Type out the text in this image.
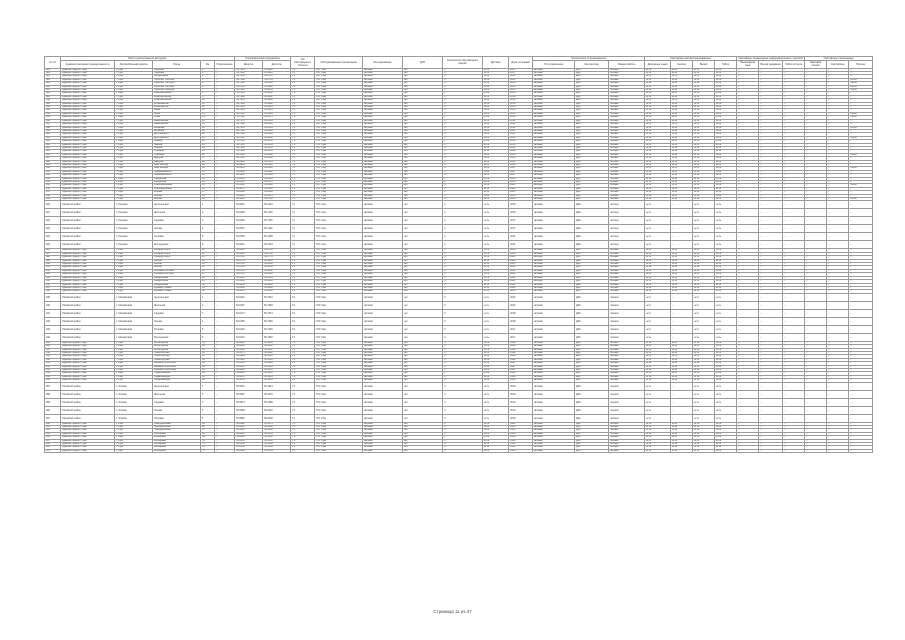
№ п/п	Место расположения автодорог					Географические координаты		Тип светофорного объекта	Обслуживающая организация	Регулирование	ДТП	Количество светофорных секций	Датчики	Дата установки	Техническое сопровождение			Светофоры автоматизированные				Светофоры пешеходные информационные с кнопкой			Светофоры пешеходные		
	Административная принадлежность	Автомобильная дорога	Улица	Км	Пересечение	Широта	Долгота								Тип управления	Контроллер	Режим работы	Дорожные знаки	Кнопка	Вызов	Табло	Пешеходная зона	Вызов ожидания	Табло отсчета	Звуковой сигнал	Светофоры	Прочее
881	Администрация г.Уфа	г. Уфа	Гагарина	1	–	54.7401	55.9612	Т.1	ГКУ Уфа	автомат	нет	3	есть	2017	автомат	ДКС	полный	есть	есть	есть	есть	–	–	–	–	–	–
882	Администрация г.Уфа	г. Уфа	Гагарина	2	–	54.7398	55.9640	Т.1	ГКУ Уфа	автомат	нет	3	есть	2017	автомат	ДКС	полный	есть	есть	есть	есть	–	–	–	–	–	–
883	Администрация г.Уфа	г. Уфа	Менделеева	3	–	54.7385	55.9710	Т.1	ГКУ Уфа	автомат	нет	3	есть	2016	автомат	ДКС	полный	есть	есть	есть	есть	–	–	–	–	–	–
884	Администрация г.Уфа	г. Уфа	Проспект Октября	4	–	54.7360	55.9755	Т.1	ГКУ Уфа	автомат	нет	3	есть	2016	автомат	ДКС	полный	есть	есть	есть	есть	–	–	–	–	–	Табло
885	Администрация г.Уфа	г. Уфа	Проспект Октября	5	–	54.7348	55.9790	Т.1	ГКУ Уфа	автомат	нет	3	есть	2016	автомат	ДКС	полный	есть	есть	есть	есть	–	–	–	–	–	Табло
886	Администрация г.Уфа	г. Уфа	Проспект Октября	6	–	54.7331	55.9822	Т.1	ГКУ Уфа	автомат	нет	3	есть	2015	автомат	ДКС	полный	есть	есть	есть	есть	–	–	–	–	–	Табло
887	Администрация г.Уфа	г. Уфа	Проспект Октября	7	–	54.7310	55.9851	Т.1	ГКУ Уфа	автомат	нет	3	есть	2015	автомат	ДКС	полный	есть	есть	есть	есть	–	–	–	–	–	Табло
888	Администрация г.Уфа	г. Уфа	Комсомольская	8	–	54.7295	55.9880	Т.1	ГКУ Уфа	автомат	нет	3	есть	2015	автомат	ДКС	полный	есть	есть	есть	есть	–	–	–	–	–	–
889	Администрация г.Уфа	г. Уфа	Комсомольская	9	–	54.7280	55.9911	Т.1	ГКУ Уфа	автомат	нет	3	есть	2014	автомат	ДКС	полный	есть	есть	есть	есть	–	–	–	–	–	–
890	Администрация г.Уфа	г. Уфа	Комсомольская	10	–	54.7265	55.9940	Т.1	ГКУ Уфа	автомат	нет	3	есть	2014	автомат	ДКС	полный	есть	есть	есть	есть	–	–	–	–	–	–
891	Администрация г.Уфа	г. Уфа	Космонавтов	11	–	54.7250	55.9968	Т.1	ГКУ Уфа	автомат	нет	3	есть	2014	автомат	ДКС	полный	есть	есть	есть	есть	–	–	–	–	–	–
892	Администрация г.Уфа	г. Уфа	Космонавтов	12	–	54.7235	55.9995	Т.1	ГКУ Уфа	автомат	нет	3	есть	2013	автомат	ДКС	полный	есть	есть	есть	есть	–	–	–	–	–	–
893	Администрация г.Уфа	г. Уфа	Мира	13	–	54.7220	56.0021	Т.1	ГКУ Уфа	автомат	нет	3	есть	2013	автомат	ДКС	полный	есть	есть	есть	есть	–	–	–	–	–	–
894	Администрация г.Уфа	г. Уфа	Мира	14	–	54.7205	56.0049	Т.1	ГКУ Уфа	автомат	нет	3	есть	2013	автомат	ДКС	полный	есть	есть	есть	есть	–	–	–	–	–	Табло
895	Администрация г.Уфа	г. Уфа	Мира	15	–	54.7190	56.0075	Т.1	ГКУ Уфа	автомат	нет	3	есть	2012	автомат	ДКС	полный	есть	есть	есть	есть	–	–	–	–	–	Табло
896	Администрация г.Уфа	г. Уфа	Бакалинская	16	–	54.7175	56.0101	Т.1	ГКУ Уфа	автомат	нет	3	есть	2012	автомат	ДКС	полный	есть	есть	есть	есть	–	–	–	–	–	–
897	Администрация г.Уфа	г. Уфа	Бакалинская	17	–	54.7160	56.0128	Т.1	ГКУ Уфа	автомат	нет	3	есть	2012	автомат	ДКС	полный	есть	есть	есть	есть	–	–	–	–	–	–
898	Администрация г.Уфа	г. Уфа	Аксакова	18	–	54.7145	56.0154	Т.1	ГКУ Уфа	автомат	нет	3	есть	2011	автомат	ДКС	полный	есть	есть	есть	есть	–	–	–	–	–	Табло
899	Администрация г.Уфа	г. Уфа	Аксакова	19	–	54.7130	56.0180	Т.1	ГКУ Уфа	автомат	нет	3	есть	2011	автомат	ДКС	полный	есть	есть	есть	есть	–	–	–	–	–	–
900	Администрация г.Уфа	г. Уфа	Достоевского	20	–	54.7115	56.0206	Т.1	ГКУ Уфа	автомат	нет	3	есть	2011	автомат	ДКС	полный	есть	есть	есть	есть	–	–	–	–	–	–
901	Администрация г.Уфа	г. Уфа	Достоевского	21	–	54.7100	56.0232	Т.1	ГКУ Уфа	автомат	нет	3	есть	2010	автомат	ДКС	полный	есть	есть	есть	есть	–	–	–	–	–	Табло
902	Администрация г.Уфа	г. Уфа	Ленина	22	–	54.7085	56.0258	Т.1	ГКУ Уфа	автомат	нет	3	есть	2010	автомат	ДКС	полный	есть	есть	есть	есть	–	–	–	–	–	–
903	Администрация г.Уфа	г. Уфа	Ленина	23	–	54.7070	56.0284	Т.1	ГКУ Уфа	автомат	нет	3	есть	2010	автомат	ДКС	полный	есть	есть	есть	есть	–	–	–	–	–	–
904	Администрация г.Уфа	г. Уфа	Ленина	24	–	54.7055	56.0310	Т.1	ГКУ Уфа	автомат	нет	3	есть	2009	автомат	ДКС	полный	есть	есть	есть	есть	–	–	–	–	–	–
905	Администрация г.Уфа	г. Уфа	Пушкина	25	–	54.7040	56.0336	Т.1	ГКУ Уфа	автомат	нет	3	есть	2009	автомат	ДКС	полный	есть	есть	есть	есть	–	–	–	–	–	–
906	Администрация г.Уфа	г. Уфа	Пушкина	26	–	54.7025	56.0362	Т.1	ГКУ Уфа	автомат	нет	3	есть	2009	автомат	ДКС	полный	есть	есть	есть	есть	–	–	–	–	–	Табло
907	Администрация г.Уфа	г. Уфа	Цюрупы	27	–	54.7010	56.0388	Т.1	ГКУ Уфа	автомат	нет	3	есть	2008	автомат	ДКС	полный	есть	есть	есть	есть	–	–	–	–	–	–
908	Администрация г.Уфа	г. Уфа	Цюрупы	28	–	54.6995	56.0414	Т.1	ГКУ Уфа	автомат	нет	3	есть	2008	автомат	ДКС	полный	есть	есть	есть	есть	–	–	–	–	–	–
909	Администрация г.Уфа	г. Уфа	Заки Валиди	29	–	54.6980	56.0440	Т.1	ГКУ Уфа	автомат	нет	3	есть	2008	автомат	ДКС	полный	есть	есть	есть	есть	–	–	–	–	–	–
910	Администрация г.Уфа	г. Уфа	Заки Валиди	30	–	54.6965	56.0466	Т.1	ГКУ Уфа	автомат	нет	3	есть	2007	автомат	ДКС	полный	есть	есть	есть	есть	–	–	–	–	–	Табло
911	Администрация г.Уфа	г. Уфа	Чернышевского	31	–	54.6950	56.0492	Т.1	ГКУ Уфа	автомат	нет	3	есть	2007	автомат	ДКС	полный	есть	есть	есть	есть	–	–	–	–	–	–
912	Администрация г.Уфа	г. Уфа	Чернышевского	32	–	54.6935	56.0518	Т.1	ГКУ Уфа	автомат	нет	3	есть	2007	автомат	ДКС	полный	есть	есть	есть	есть	–	–	–	–	–	–
913	Администрация г.Уфа	г. Уфа	Свердлова	33	–	54.6920	56.0544	Т.1	ГКУ Уфа	автомат	нет	3	есть	2006	автомат	ДКС	полный	есть	есть	есть	есть	–	–	–	–	–	–
914	Администрация г.Уфа	г. Уфа	Свердлова	34	–	54.6905	56.0570	Т.1	ГКУ Уфа	автомат	нет	3	есть	2006	автомат	ДКС	полный	есть	есть	есть	есть	–	–	–	–	–	–
915	Администрация г.Уфа	г. Уфа	Революционная	35	–	54.6890	56.0596	Т.1	ГКУ Уфа	автомат	нет	3	есть	2006	автомат	ДКС	полный	есть	есть	есть	есть	–	–	–	–	–	Табло
916	Администрация г.Уфа	г. Уфа	Революционная	36	–	54.6875	56.0622	Т.1	ГКУ Уфа	автомат	нет	3	есть	2005	автомат	ДКС	полный	есть	есть	есть	есть	–	–	–	–	–	–
917	Администрация г.Уфа	г. Уфа	Кирова	37	–	54.6860	56.0648	Т.1	ГКУ Уфа	автомат	нет	3	есть	2005	автомат	ДКС	полный	есть	есть	есть	есть	–	–	–	–	–	–
918	Администрация г.Уфа	г. Уфа	Кирова	38	–	54.6845	56.0674	Т.1	ГКУ Уфа	автомат	нет	3	есть	2005	автомат	ДКС	полный	есть	есть	есть	есть	–	–	–	–	–	–
919	Администрация г.Уфа	г. Уфа	Кирова	39	–	54.6830	56.0700	Т.1	ГКУ Уфа	автомат	нет	3	есть	2004	автомат	ДКС	полный	есть	есть	есть	есть	–	–	–	–	–	Табло
920	Уфимский район	с. Нагаево	Центральная	1	–	54.6512	56.1104	Т.1	ГКУ Уфа	автомат	нет	3	есть	2018	автомат	ДКС	полный	есть	–	есть	есть	–	–	–	–	–	–
921	Уфимский район	с. Нагаево	Школьная	2	–	54.6498	56.1130	Т.1	ГКУ Уфа	автомат	нет	3	есть	2018	автомат	ДКС	полный	есть	–	есть	есть	–	–	–	–	–	–
922	Уфимский район	с. Нагаево	Садовая	3	–	54.6484	56.1156	Т.1	ГКУ Уфа	автомат	нет	3	есть	2017	автомат	ДКС	полный	есть	–	есть	есть	–	–	–	–	–	–
923	Уфимский район	с. Нагаево	Лесная	4	–	54.6470	56.1182	Т.1	ГКУ Уфа	автомат	нет	3	есть	2017	автомат	ДКС	полный	есть	–	есть	есть	–	–	–	–	–	–
924	Уфимский район	с. Нагаево	Полевая	5	–	54.6456	56.1208	Т.1	ГКУ Уфа	автомат	нет	3	есть	2016	автомат	ДКС	полный	есть	–	есть	есть	–	–	–	–	–	–
925	Уфимский район	с. Нагаево	Молодежная	6	–	54.6442	56.1234	Т.1	ГКУ Уфа	автомат	нет	3	есть	2016	автомат	ДКС	полный	есть	–	есть	есть	–	–	–	–	–	–
926	Администрация г.Уфа	г. Уфа	Рихарда Зорге	40	–	54.6815	56.0726	Т.1	ГКУ Уфа	автомат	нет	3	есть	2004	автомат	ДКС	полный	есть	есть	есть	есть	–	–	–	–	–	–
927	Администрация г.Уфа	г. Уфа	Рихарда Зорге	41	–	54.6800	56.0752	Т.1	ГКУ Уфа	автомат	нет	3	есть	2004	автомат	ДКС	полный	есть	есть	есть	есть	–	–	–	–	–	–
928	Администрация г.Уфа	г. Уфа	Рихарда Зорге	42	–	54.6785	56.0778	Т.1	ГКУ Уфа	автомат	нет	3	есть	2003	автомат	ДКС	полный	есть	есть	есть	есть	–	–	–	–	–	–
929	Администрация г.Уфа	г. Уфа	Айская	43	–	54.6770	56.0804	Т.1	ГКУ Уфа	автомат	нет	3	есть	2003	автомат	ДКС	полный	есть	есть	есть	есть	–	–	–	–	–	–
930	Администрация г.Уфа	г. Уфа	Айская	44	–	54.6755	56.0830	Т.1	ГКУ Уфа	автомат	нет	3	есть	2003	автомат	ДКС	полный	есть	есть	есть	есть	–	–	–	–	–	–
931	Администрация г.Уфа	г. Уфа	Айская	45	–	54.6740	56.0856	Т.1	ГКУ Уфа	автомат	нет	3	есть	2002	автомат	ДКС	полный	есть	есть	есть	есть	–	–	–	–	–	–
932	Администрация г.Уфа	г. Уфа	Степана Злобина	46	–	54.6725	56.0882	Т.1	ГКУ Уфа	автомат	нет	3	есть	2002	автомат	ДКС	полный	есть	есть	есть	есть	–	–	–	–	–	–
933	Администрация г.Уфа	г. Уфа	Степана Злобина	47	–	54.6710	56.0908	Т.1	ГКУ Уфа	автомат	нет	3	есть	2002	автомат	ДКС	полный	есть	есть	есть	есть	–	–	–	–	–	–
934	Администрация г.Уфа	г. Уфа	Менделеева	48	–	54.6695	56.0934	Т.1	ГКУ Уфа	автомат	нет	3	есть	2001	автомат	ДКС	полный	есть	есть	есть	есть	–	–	–	–	–	–
935	Администрация г.Уфа	г. Уфа	Менделеева	49	–	54.6680	56.0960	Т.1	ГКУ Уфа	автомат	нет	3	есть	2001	автомат	ДКС	полный	есть	есть	есть	есть	–	–	–	–	–	–
936	Администрация г.Уфа	г. Уфа	Менделеева	50	–	54.6665	56.0986	Т.1	ГКУ Уфа	автомат	нет	3	есть	2001	автомат	ДКС	полный	есть	есть	есть	есть	–	–	–	–	–	–
937	Администрация г.Уфа	г. Уфа	Бульвар Славы	51	–	54.6650	56.1012	Т.1	ГКУ Уфа	автомат	нет	3	есть	2000	автомат	ДКС	полный	есть	есть	есть	есть	–	–	–	–	–	–
938	Администрация г.Уфа	г. Уфа	Бульвар Славы	52	–	54.6635	56.1038	Т.1	ГКУ Уфа	автомат	нет	3	есть	2000	автомат	ДКС	полный	есть	есть	есть	есть	–	–	–	–	–	–
939	Уфимский район	с. Михайловка	Центральная	1	–	54.6201	56.1522	Т.1	ГКУ Уфа	автомат	нет	3	есть	2019	автомат	ДКС	полный	есть	–	есть	есть	–	–	–	–	–	–
940	Уфимский район	с. Михайловка	Школьная	2	–	54.6187	56.1548	Т.1	ГКУ Уфа	автомат	нет	3	есть	2019	автомат	ДКС	полный	есть	–	есть	есть	–	–	–	–	–	–
941	Уфимский район	с. Михайловка	Садовая	3	–	54.6173	56.1574	Т.1	ГКУ Уфа	автомат	нет	3	есть	2018	автомат	ДКС	полный	есть	–	есть	есть	–	–	–	–	–	–
942	Уфимский район	с. Михайловка	Лесная	4	–	54.6159	56.1600	Т.1	ГКУ Уфа	автомат	нет	3	есть	2018	автомат	ДКС	полный	есть	–	есть	есть	–	–	–	–	–	–
943	Уфимский район	с. Михайловка	Полевая	5	–	54.6145	56.1626	Т.1	ГКУ Уфа	автомат	нет	3	есть	2017	автомат	ДКС	полный	есть	–	есть	есть	–	–	–	–	–	–
944	Уфимский район	с. Михайловка	Молодежная	6	–	54.6131	56.1652	Т.1	ГКУ Уфа	автомат	нет	3	есть	2017	автомат	ДКС	полный	есть	–	есть	есть	–	–	–	–	–	–
945	Администрация г.Уфа	г. Уфа	Вологодская	53	–	54.6620	56.1064	Т.1	ГКУ Уфа	автомат	нет	3	есть	1999	автомат	ДКС	полный	есть	есть	есть	есть	–	–	–	–	–	–
946	Администрация г.Уфа	г. Уфа	Вологодская	54	–	54.6605	56.1090	Т.1	ГКУ Уфа	автомат	нет	3	есть	1999	автомат	ДКС	полный	есть	есть	есть	есть	–	–	–	–	–	–
947	Администрация г.Уфа	г. Уфа	Вологодская	55	–	54.6590	56.1116	Т.1	ГКУ Уфа	автомат	нет	3	есть	1999	автомат	ДКС	полный	есть	есть	есть	есть	–	–	–	–	–	–
948	Администрация г.Уфа	г. Уфа	Транспортная	56	–	54.6575	56.1142	Т.1	ГКУ Уфа	автомат	нет	3	есть	1998	автомат	ДКС	полный	есть	есть	есть	есть	–	–	–	–	–	–
949	Администрация г.Уфа	г. Уфа	Транспортная	57	–	54.6560	56.1168	Т.1	ГКУ Уфа	автомат	нет	3	есть	1998	автомат	ДКС	полный	есть	есть	есть	есть	–	–	–	–	–	–
950	Администрация г.Уфа	г. Уфа	Транспортная	58	–	54.6545	56.1194	Т.1	ГКУ Уфа	автомат	нет	3	есть	1998	автомат	ДКС	полный	есть	есть	есть	есть	–	–	–	–	–	–
951	Администрация г.Уфа	г. Уфа	Машиностроителей	59	–	54.6530	56.1220	Т.1	ГКУ Уфа	автомат	нет	3	есть	1997	автомат	ДКС	полный	есть	есть	есть	есть	–	–	–	–	–	–
952	Администрация г.Уфа	г. Уфа	Машиностроителей	60	–	54.6515	56.1246	Т.1	ГКУ Уфа	автомат	нет	3	есть	1997	автомат	ДКС	полный	есть	есть	есть	есть	–	–	–	–	–	–
953	Администрация г.Уфа	г. Уфа	Машиностроителей	61	–	54.6500	56.1272	Т.1	ГКУ Уфа	автомат	нет	3	есть	1997	автомат	ДКС	полный	есть	есть	есть	есть	–	–	–	–	–	–
954	Администрация г.Уфа	г. Уфа	Орджоникидзе	62	–	54.6485	56.1298	Т.1	ГКУ Уфа	автомат	нет	3	есть	1996	автомат	ДКС	полный	есть	есть	есть	есть	–	–	–	–	–	–
955	Администрация г.Уфа	г. Уфа	Орджоникидзе	63	–	54.6470	56.1324	Т.1	ГКУ Уфа	автомат	нет	3	есть	1996	автомат	ДКС	полный	есть	есть	есть	есть	–	–	–	–	–	–
956	Администрация г.Уфа	г. Уфа	Орджоникидзе	64	–	54.6455	56.1350	Т.1	ГКУ Уфа	автомат	нет	3	есть	1996	автомат	ДКС	полный	есть	есть	есть	есть	–	–	–	–	–	–
957	Уфимский район	с. Жуково	Центральная	1	–	54.5901	56.1944	Т.1	ГКУ Уфа	автомат	нет	3	есть	2020	автомат	ДКС	полный	есть	–	есть	есть	–	–	–	–	–	–
958	Уфимский район	с. Жуково	Школьная	2	–	54.5887	56.1970	Т.1	ГКУ Уфа	автомат	нет	3	есть	2020	автомат	ДКС	полный	есть	–	есть	есть	–	–	–	–	–	–
959	Уфимский район	с. Жуково	Садовая	3	–	54.5873	56.1996	Т.1	ГКУ Уфа	автомат	нет	3	есть	2019	автомат	ДКС	полный	есть	–	есть	есть	–	–	–	–	–	–
960	Уфимский район	с. Жуково	Лесная	4	–	54.5859	56.2022	Т.1	ГКУ Уфа	автомат	нет	3	есть	2019	автомат	ДКС	полный	есть	–	есть	есть	–	–	–	–	–	–
961	Уфимский район	с. Жуково	Полевая	5	–	54.5845	56.2048	Т.1	ГКУ Уфа	автомат	нет	3	есть	2018	автомат	ДКС	полный	есть	–	есть	есть	–	–	–	–	–	–
962	Администрация г.Уфа	г. Уфа	Новоуфимская	65	–	54.6440	56.1376	Т.1	ГКУ Уфа	автомат	нет	3	есть	1995	автомат	ДКС	полный	есть	есть	есть	есть	–	–	–	–	–	–
963	Администрация г.Уфа	г. Уфа	Новоуфимская	66	–	54.6425	56.1402	Т.1	ГКУ Уфа	автомат	нет	3	есть	1995	автомат	ДКС	полный	есть	есть	есть	есть	–	–	–	–	–	–
964	Администрация г.Уфа	г. Уфа	Новоуфимская	67	–	54.6410	56.1428	Т.1	ГКУ Уфа	автомат	нет	3	есть	1995	автомат	ДКС	полный	есть	есть	есть	есть	–	–	–	–	–	–
965	Администрация г.Уфа	г. Уфа	Кольцевая	68	–	54.6395	56.1454	Т.1	ГКУ Уфа	автомат	нет	3	есть	1994	автомат	ДКС	полный	есть	есть	есть	есть	–	–	–	–	–	–
966	Администрация г.Уфа	г. Уфа	Кольцевая	69	–	54.6380	56.1480	Т.1	ГКУ Уфа	автомат	нет	3	есть	1994	автомат	ДКС	полный	есть	есть	есть	есть	–	–	–	–	–	–
967	Администрация г.Уфа	г. Уфа	Кольцевая	70	–	54.6365	56.1506	Т.1	ГКУ Уфа	автомат	нет	3	есть	1994	автомат	ДКС	полный	есть	есть	есть	есть	–	–	–	–	–	–
968	Администрация г.Уфа	г. Уфа	Кольцевая	71	–	54.6350	56.1532	Т.1	ГКУ Уфа	автомат	нет	3	есть	1993	автомат	ДКС	полный	есть	есть	есть	есть	–	–	–	–	–	–
969	Администрация г.Уфа	г. Уфа	Кольцевая	72	–	54.6335	56.1558	Т.1	ГКУ Уфа	автомат	нет	3	есть	1993	автомат	ДКС	полный	есть	есть	есть	есть	–	–	–	–	–	–
970	Администрация г.Уфа	г. Уфа	Кольцевая	73	–	54.6320	56.1584	Т.1	ГКУ Уфа	автомат	нет	3	есть	1993	автомат	ДКС	полный	есть	есть	есть	есть	–	–	–	–	–	–
Страница 11 из 47
